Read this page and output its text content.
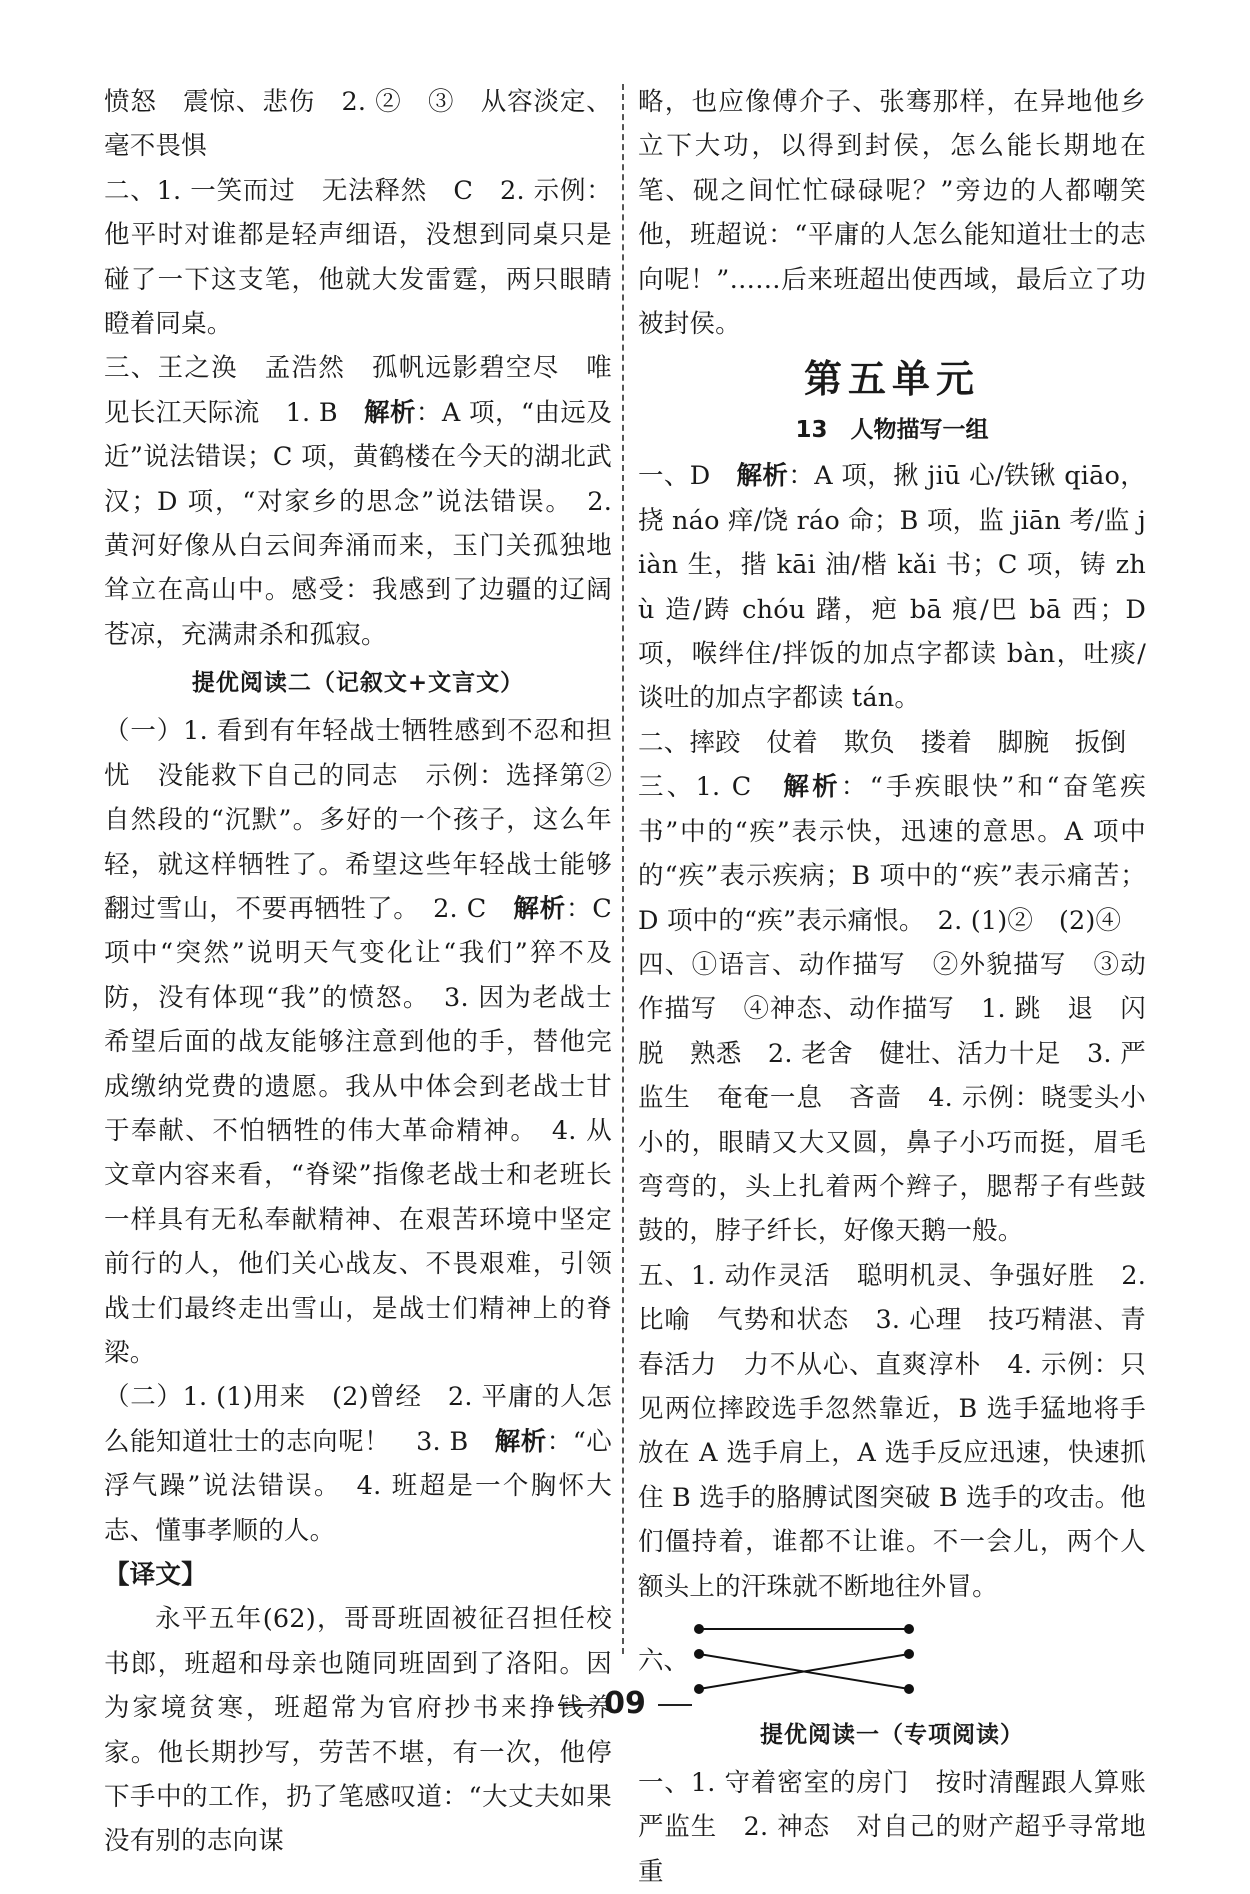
愤怒　震惊、悲伤　2. ②　③　从容淡定、毫不畏惧

二、1. 一笑而过　无法释然　C　2. 示例：他平时对谁都是轻声细语，没想到同桌只是碰了一下这支笔，他就大发雷霆，两只眼睛瞪着同桌。

三、王之涣　孟浩然　孤帆远影碧空尽　唯见长江天际流　1. B　解析：A 项，“由远及近”说法错误；C 项，黄鹤楼在今天的湖北武汉；D 项，“对家乡的思念”说法错误。　2. 黄河好像从白云间奔涌而来，玉门关孤独地耸立在高山中。感受：我感到了边疆的辽阔苍凉，充满肃杀和孤寂。

提优阅读二（记叙文+文言文）

（一）1. 看到有年轻战士牺牲感到不忍和担忧　没能救下自己的同志　示例：选择第②自然段的“沉默”。多好的一个孩子，这么年轻，就这样牺牲了。希望这些年轻战士能够翻过雪山，不要再牺牲了。　2. C　解析：C 项中“突然”说明天气变化让“我们”猝不及防，没有体现“我”的愤怒。　3. 因为老战士希望后面的战友能够注意到他的手，替他完成缴纳党费的遗愿。我从中体会到老战士甘于奉献、不怕牺牲的伟大革命精神。　4. 从文章内容来看，“脊梁”指像老战士和老班长一样具有无私奉献精神、在艰苦环境中坚定前行的人，他们关心战友、不畏艰难，引领战士们最终走出雪山，是战士们精神上的脊梁。

（二）1. (1)用来　(2)曾经　2. 平庸的人怎么能知道壮士的志向呢！　3. B　解析：“心浮气躁”说法错误。　4. 班超是一个胸怀大志、懂事孝顺的人。

【译文】

永平五年(62)，哥哥班固被征召担任校书郎，班超和母亲也随同班固到了洛阳。因为家境贫寒，班超常为官府抄书来挣钱养家。他长期抄写，劳苦不堪，有一次，他停下手中的工作，扔了笔感叹道：“大丈夫如果没有别的志向谋

略，也应像傅介子、张骞那样，在异地他乡立下大功，以得到封侯，怎么能长期地在笔、砚之间忙忙碌碌呢？”旁边的人都嘲笑他，班超说：“平庸的人怎么能知道壮士的志向呢！”……后来班超出使西域，最后立了功被封侯。

第五单元
13　人物描写一组

一、D　解析：A 项，揪 jiū 心/铁锹 qiāo，挠 náo 痒/饶 ráo 命；B 项，监 jiān 考/监 jiàn 生，揩 kāi 油/楷 kǎi 书；C 项，铸 zhù 造/踌 chóu 躇，疤 bā 痕/巴 bā 西；D 项，喉绊住/拌饭的加点字都读 bàn，吐痰/谈吐的加点字都读 tán。

二、摔跤　仗着　欺负　搂着　脚腕　扳倒

三、1. C　解析：“手疾眼快”和“奋笔疾书”中的“疾”表示快，迅速的意思。A 项中的“疾”表示疾病；B 项中的“疾”表示痛苦；D 项中的“疾”表示痛恨。　2. (1)②　(2)④

四、①语言、动作描写　②外貌描写　③动作描写　④神态、动作描写　1. 跳　退　闪　脱　熟悉　2. 老舍　健壮、活力十足　3. 严监生　奄奄一息　吝啬　4. 示例：晓雯头小小的，眼睛又大又圆，鼻子小巧而挺，眉毛弯弯的，头上扎着两个辫子，腮帮子有些鼓鼓的，脖子纤长，好像天鹅一般。

五、1. 动作灵活　聪明机灵、争强好胜　2. 比喻　气势和状态　3. 心理　技巧精湛、青春活力　力不从心、直爽淳朴　4. 示例：只见两位摔跤选手忽然靠近，B 选手猛地将手放在 A 选手肩上，A 选手反应迅速，快速抓住 B 选手的胳膊试图突破 B 选手的攻击。他们僵持着，谁都不让谁。不一会儿，两个人额头上的汗珠就不断地往外冒。

六、
提优阅读一（专项阅读）

一、1. 守着密室的房门　按时清醒跟人算账　严监生　2. 神态　对自己的财产超乎寻常地重

09
